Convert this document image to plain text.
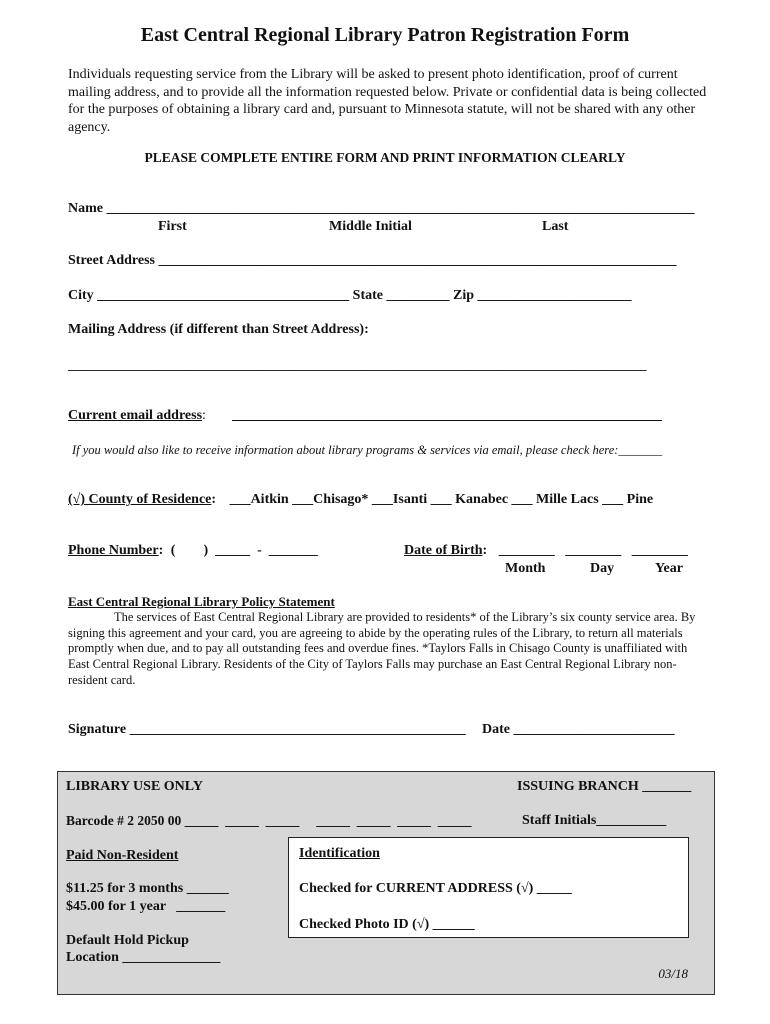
East Central Regional Library Patron Registration Form
Individuals requesting service from the Library will be asked to present photo identification, proof of current mailing address, and to provide all the information requested below. Private or confidential data is being collected for the purposes of obtaining a library card and, pursuant to Minnesota statute, will not be shared with any other agency.
PLEASE COMPLETE ENTIRE FORM AND PRINT INFORMATION CLEARLY
Name ____________________________________________________________________________________
First	Middle Initial	Last
Street Address __________________________________________________________________________
City ____________________________________ State _________ Zip ______________________
Mailing Address (if different than Street Address):
_________________________________________________________________________________________
Current email address:
If you would also like to receive information about library programs & services via email, please check here:_______
(√) County of Residence: ___Aitkin ___Chisago* ___Isanti ___ Kanabec ___ Mille Lacs ___ Pine
Phone Number: (        )  _____  -  _______	Date of Birth: ________   ________   ________
Month	Day	Year
East Central Regional Library Policy Statement
The services of East Central Regional Library are provided to residents* of the Library’s six county service area. By signing this agreement and your card, you are agreeing to abide by the operating rules of the Library, to return all materials promptly when due, and to pay all outstanding fees and overdue fines. *Taylors Falls in Chisago County is unaffiliated with East Central Regional Library. Residents of the City of Taylors Falls may purchase an East Central Regional Library non-resident card.
Signature ________________________________________________ Date _______________________
LIBRARY USE ONLY	ISSUING BRANCH _______
Barcode # 2 2050 00 _____  _____  _____     _____  _____  _____  _____	Staff Initials__________
Paid Non-Resident
$11.25 for 3 months ______
$45.00 for 1 year   _______
Default Hold Pickup
Location ______________
Identification
Checked for CURRENT ADDRESS (√) _____
Checked Photo ID (√) ______
03/18
